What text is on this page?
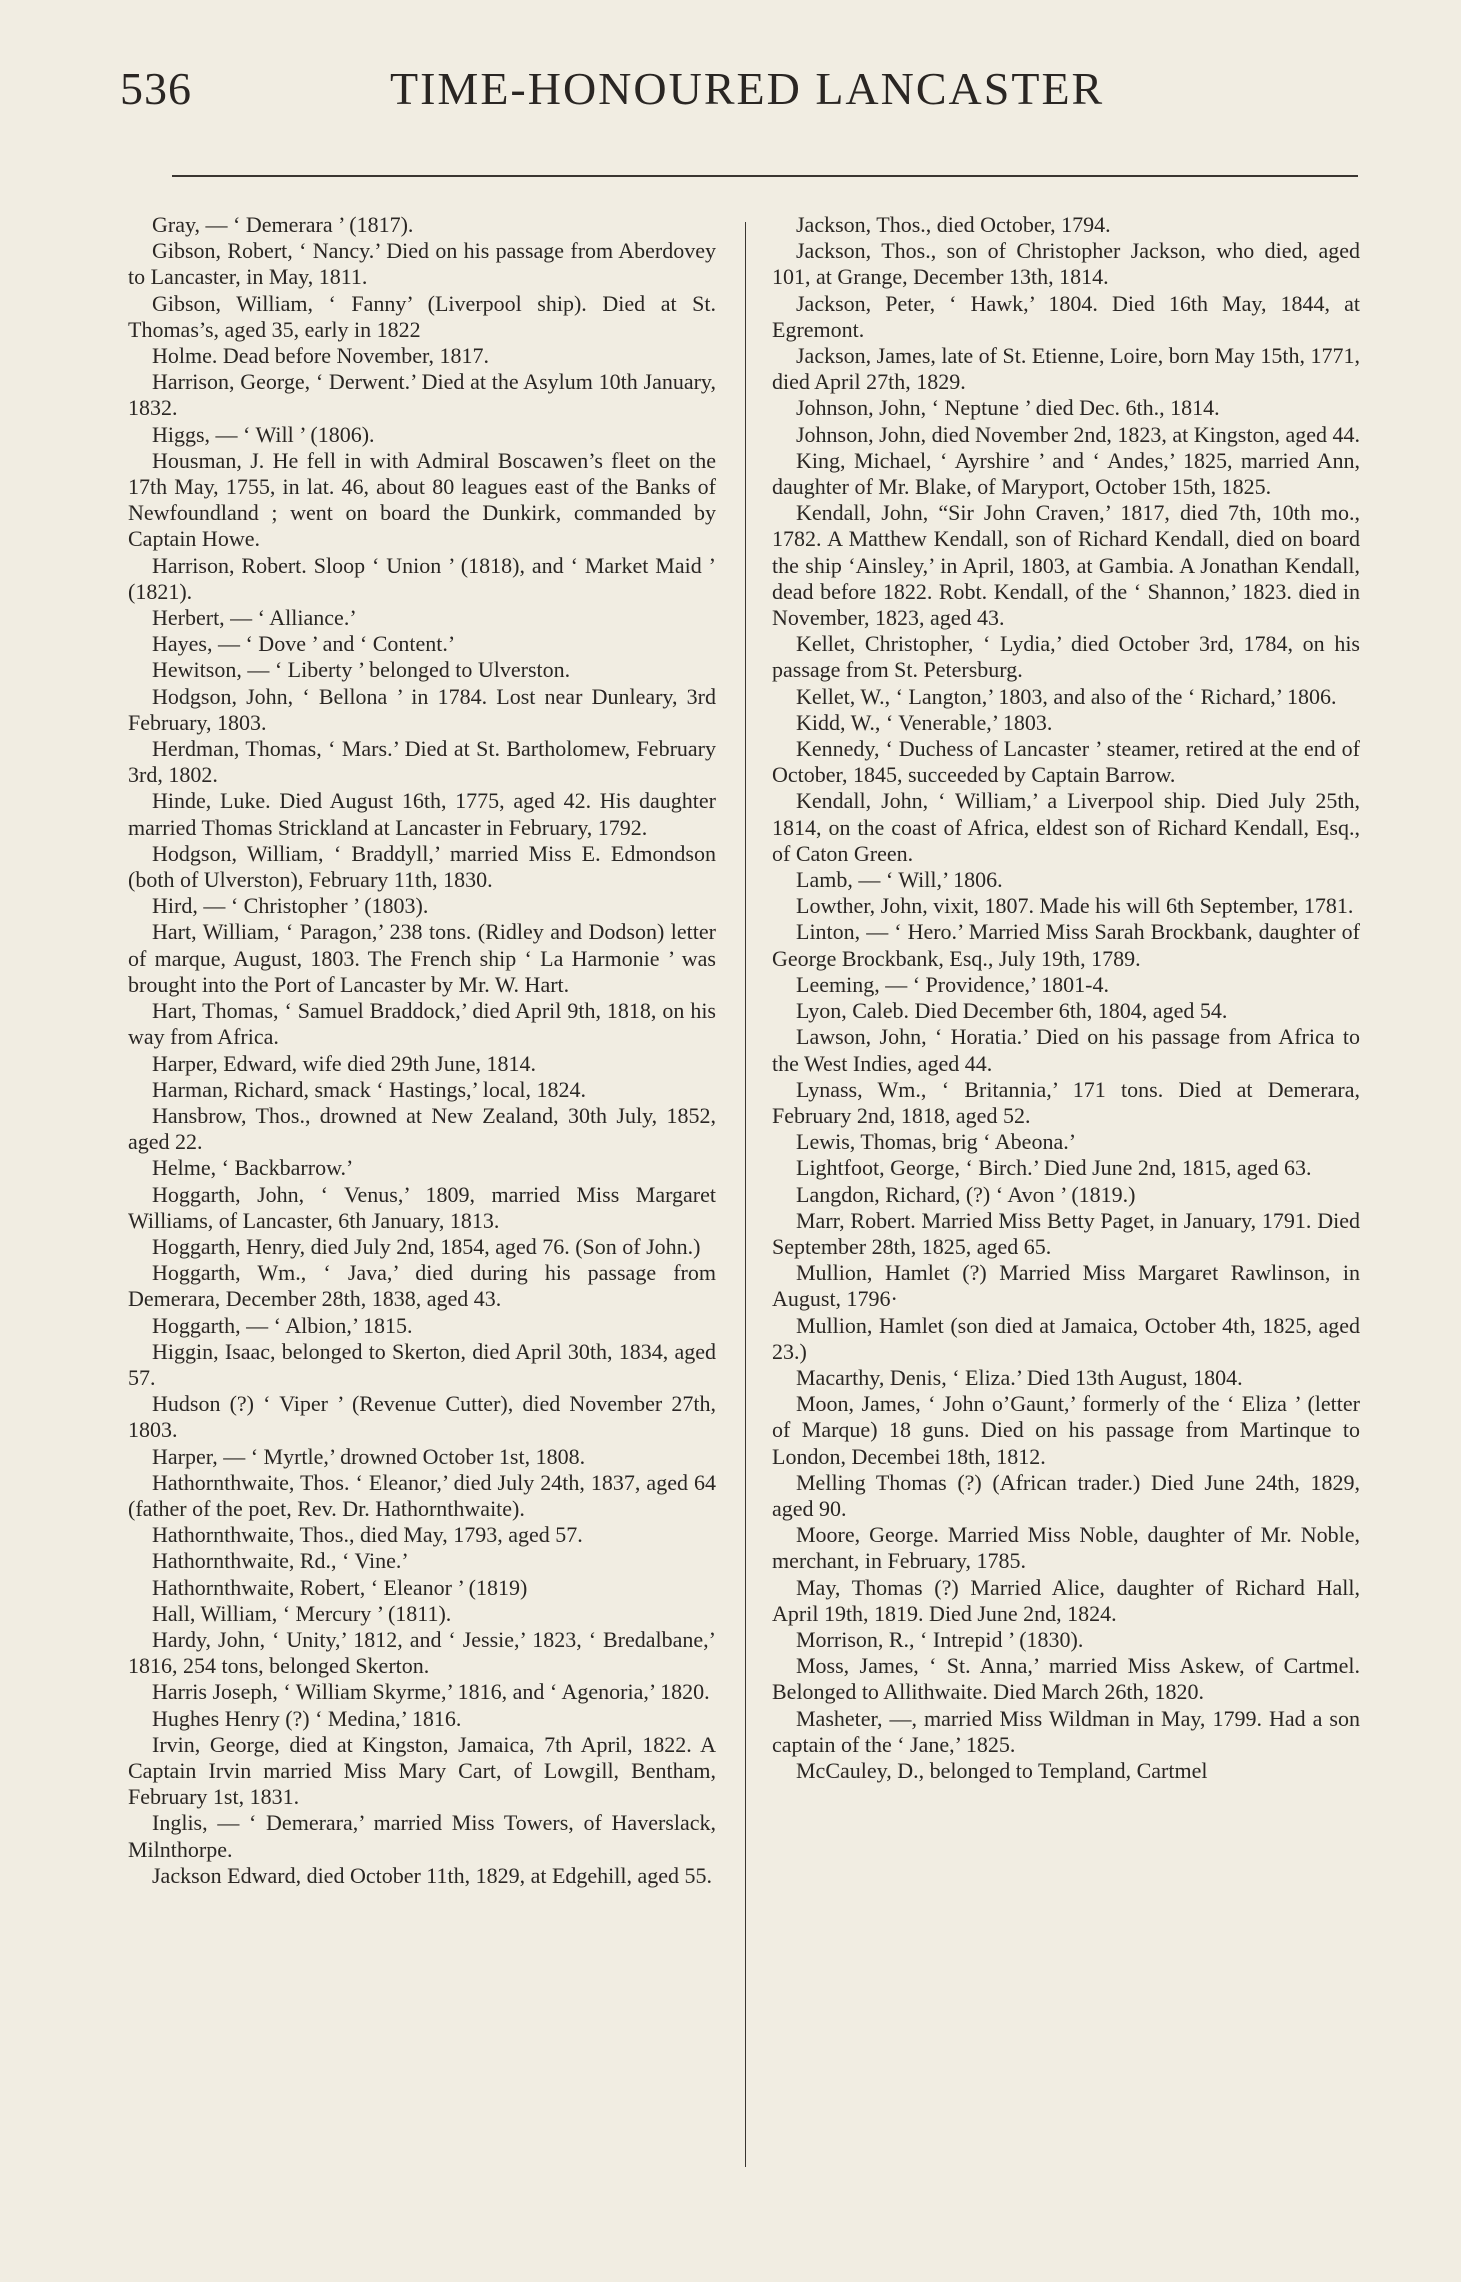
536	TIME-HONOURED LANCASTER

Gray, — ‘ Demerara ’ (1817).

Gibson, Robert, ‘ Nancy.’ Died on his passage from Aberdovey to Lancaster, in May, 1811.

Gibson, William, ‘ Fanny’ (Liverpool ship). Died at St. Thomas’s, aged 35, early in 1822

Holme. Dead before November, 1817.

Harrison, George, ‘ Derwent.’ Died at the Asylum 10th January, 1832.

Higgs, — ‘ Will ’ (1806).

Housman, J. He fell in with Admiral Boscawen’s fleet on the 17th May, 1755, in lat. 46, about 80 leagues east of the Banks of Newfoundland ; went on board the Dunkirk, commanded by Captain Howe.

Harrison, Robert. Sloop ‘ Union ’ (1818), and ‘ Market Maid ’ (1821).

Herbert, — ‘ Alliance.’

Hayes, — ‘ Dove ’ and ‘ Content.’

Hewitson, — ‘ Liberty ’ belonged to Ulverston.

Hodgson, John, ‘ Bellona ’ in 1784. Lost near Dunleary, 3rd February, 1803.

Herdman, Thomas, ‘ Mars.’ Died at St. Bartholomew, February 3rd, 1802.

Hinde, Luke. Died August 16th, 1775, aged 42. His daughter married Thomas Strickland at Lancaster in February, 1792.

Hodgson, William, ‘ Braddyll,’ married Miss E. Edmondson (both of Ulverston), February 11th, 1830.

Hird, — ‘ Christopher ’ (1803).

Hart, William, ‘ Paragon,’ 238 tons. (Ridley and Dodson) letter of marque, August, 1803. The French ship ‘ La Harmonie ’ was brought into the Port of Lancaster by Mr. W. Hart.

Hart, Thomas, ‘ Samuel Braddock,’ died April 9th, 1818, on his way from Africa.

Harper, Edward, wife died 29th June, 1814.

Harman, Richard, smack ‘ Hastings,’ local, 1824.

Hansbrow, Thos., drowned at New Zealand, 30th July, 1852, aged 22.

Helme, ‘ Backbarrow.’

Hoggarth, John, ‘ Venus,’ 1809, married Miss Margaret Williams, of Lancaster, 6th January, 1813.

Hoggarth, Henry, died July 2nd, 1854, aged 76. (Son of John.)

Hoggarth, Wm., ‘ Java,’ died during his passage from Demerara, December 28th, 1838, aged 43.

Hoggarth, — ‘ Albion,’ 1815.

Higgin, Isaac, belonged to Skerton, died April 30th, 1834, aged 57.

Hudson (?) ‘ Viper ’ (Revenue Cutter), died November 27th, 1803.

Harper, — ‘ Myrtle,’ drowned October 1st, 1808.

Hathornthwaite, Thos. ‘ Eleanor,’ died July 24th, 1837, aged 64 (father of the poet, Rev. Dr. Hathornthwaite).

Hathornthwaite, Thos., died May, 1793, aged 57.

Hathornthwaite, Rd., ‘ Vine.’

Hathornthwaite, Robert, ‘ Eleanor ’ (1819)

Hall, William, ‘ Mercury ’ (1811).

Hardy, John, ‘ Unity,’ 1812, and ‘ Jessie,’ 1823, ‘ Bredalbane,’ 1816, 254 tons, belonged Skerton.

Harris Joseph, ‘ William Skyrme,’ 1816, and ‘ Agenoria,’ 1820.

Hughes Henry (?) ‘ Medina,’ 1816.

Irvin, George, died at Kingston, Jamaica, 7th April, 1822. A Captain Irvin married Miss Mary Cart, of Lowgill, Bentham, February 1st, 1831.

Inglis, — ‘ Demerara,’ married Miss Towers, of Haverslack, Milnthorpe.

Jackson Edward, died October 11th, 1829, at Edgehill, aged 55.

Jackson, Thos., died October, 1794.

Jackson, Thos., son of Christopher Jackson, who died, aged 101, at Grange, December 13th, 1814.

Jackson, Peter, ‘ Hawk,’ 1804. Died 16th May, 1844, at Egremont.

Jackson, James, late of St. Etienne, Loire, born May 15th, 1771, died April 27th, 1829.

Johnson, John, ‘ Neptune ’ died Dec. 6th., 1814.

Johnson, John, died November 2nd, 1823, at Kingston, aged 44.

King, Michael, ‘ Ayrshire ’ and ‘ Andes,’ 1825, married Ann, daughter of Mr. Blake, of Maryport, October 15th, 1825.

Kendall, John, “Sir John Craven,’ 1817, died 7th, 10th mo., 1782. A Matthew Kendall, son of Richard Kendall, died on board the ship ‘Ainsley,’ in April, 1803, at Gambia. A Jonathan Kendall, dead before 1822. Robt. Kendall, of the ‘ Shannon,’ 1823. died in November, 1823, aged 43.

Kellet, Christopher, ‘ Lydia,’ died October 3rd, 1784, on his passage from St. Petersburg.

Kellet, W., ‘ Langton,’ 1803, and also of the ‘ Richard,’ 1806.

Kidd, W., ‘ Venerable,’ 1803.

Kennedy, ‘ Duchess of Lancaster ’ steamer, retired at the end of October, 1845, succeeded by Captain Barrow.

Kendall, John, ‘ William,’ a Liverpool ship. Died July 25th, 1814, on the coast of Africa, eldest son of Richard Kendall, Esq., of Caton Green.

Lamb, — ‘ Will,’ 1806.

Lowther, John, vixit, 1807. Made his will 6th September, 1781.

Linton, — ‘ Hero.’ Married Miss Sarah Brockbank, daughter of George Brockbank, Esq., July 19th, 1789.

Leeming, — ‘ Providence,’ 1801-4.

Lyon, Caleb. Died December 6th, 1804, aged 54.

Lawson, John, ‘ Horatia.’ Died on his passage from Africa to the West Indies, aged 44.

Lynass, Wm., ‘ Britannia,’ 171 tons. Died at Demerara, February 2nd, 1818, aged 52.

Lewis, Thomas, brig ‘ Abeona.’

Lightfoot, George, ‘ Birch.’ Died June 2nd, 1815, aged 63.

Langdon, Richard, (?) ‘ Avon ’ (1819.)

Marr, Robert. Married Miss Betty Paget, in January, 1791. Died September 28th, 1825, aged 65.

Mullion, Hamlet (?) Married Miss Margaret Rawlinson, in August, 1796·

Mullion, Hamlet (son died at Jamaica, October 4th, 1825, aged 23.)

Macarthy, Denis, ‘ Eliza.’ Died 13th August, 1804.

Moon, James, ‘ John o’Gaunt,’ formerly of the ‘ Eliza ’ (letter of Marque) 18 guns. Died on his passage from Martinque to London, Decembei 18th, 1812.

Melling Thomas (?) (African trader.) Died June 24th, 1829, aged 90.

Moore, George. Married Miss Noble, daughter of Mr. Noble, merchant, in February, 1785.

May, Thomas (?) Married Alice, daughter of Richard Hall, April 19th, 1819. Died June 2nd, 1824.

Morrison, R., ‘ Intrepid ’ (1830).

Moss, James, ‘ St. Anna,’ married Miss Askew, of Cartmel. Belonged to Allithwaite. Died March 26th, 1820.

Masheter, —, married Miss Wildman in May, 1799. Had a son captain of the ‘ Jane,’ 1825.

McCauley, D., belonged to Templand, Cartmel
